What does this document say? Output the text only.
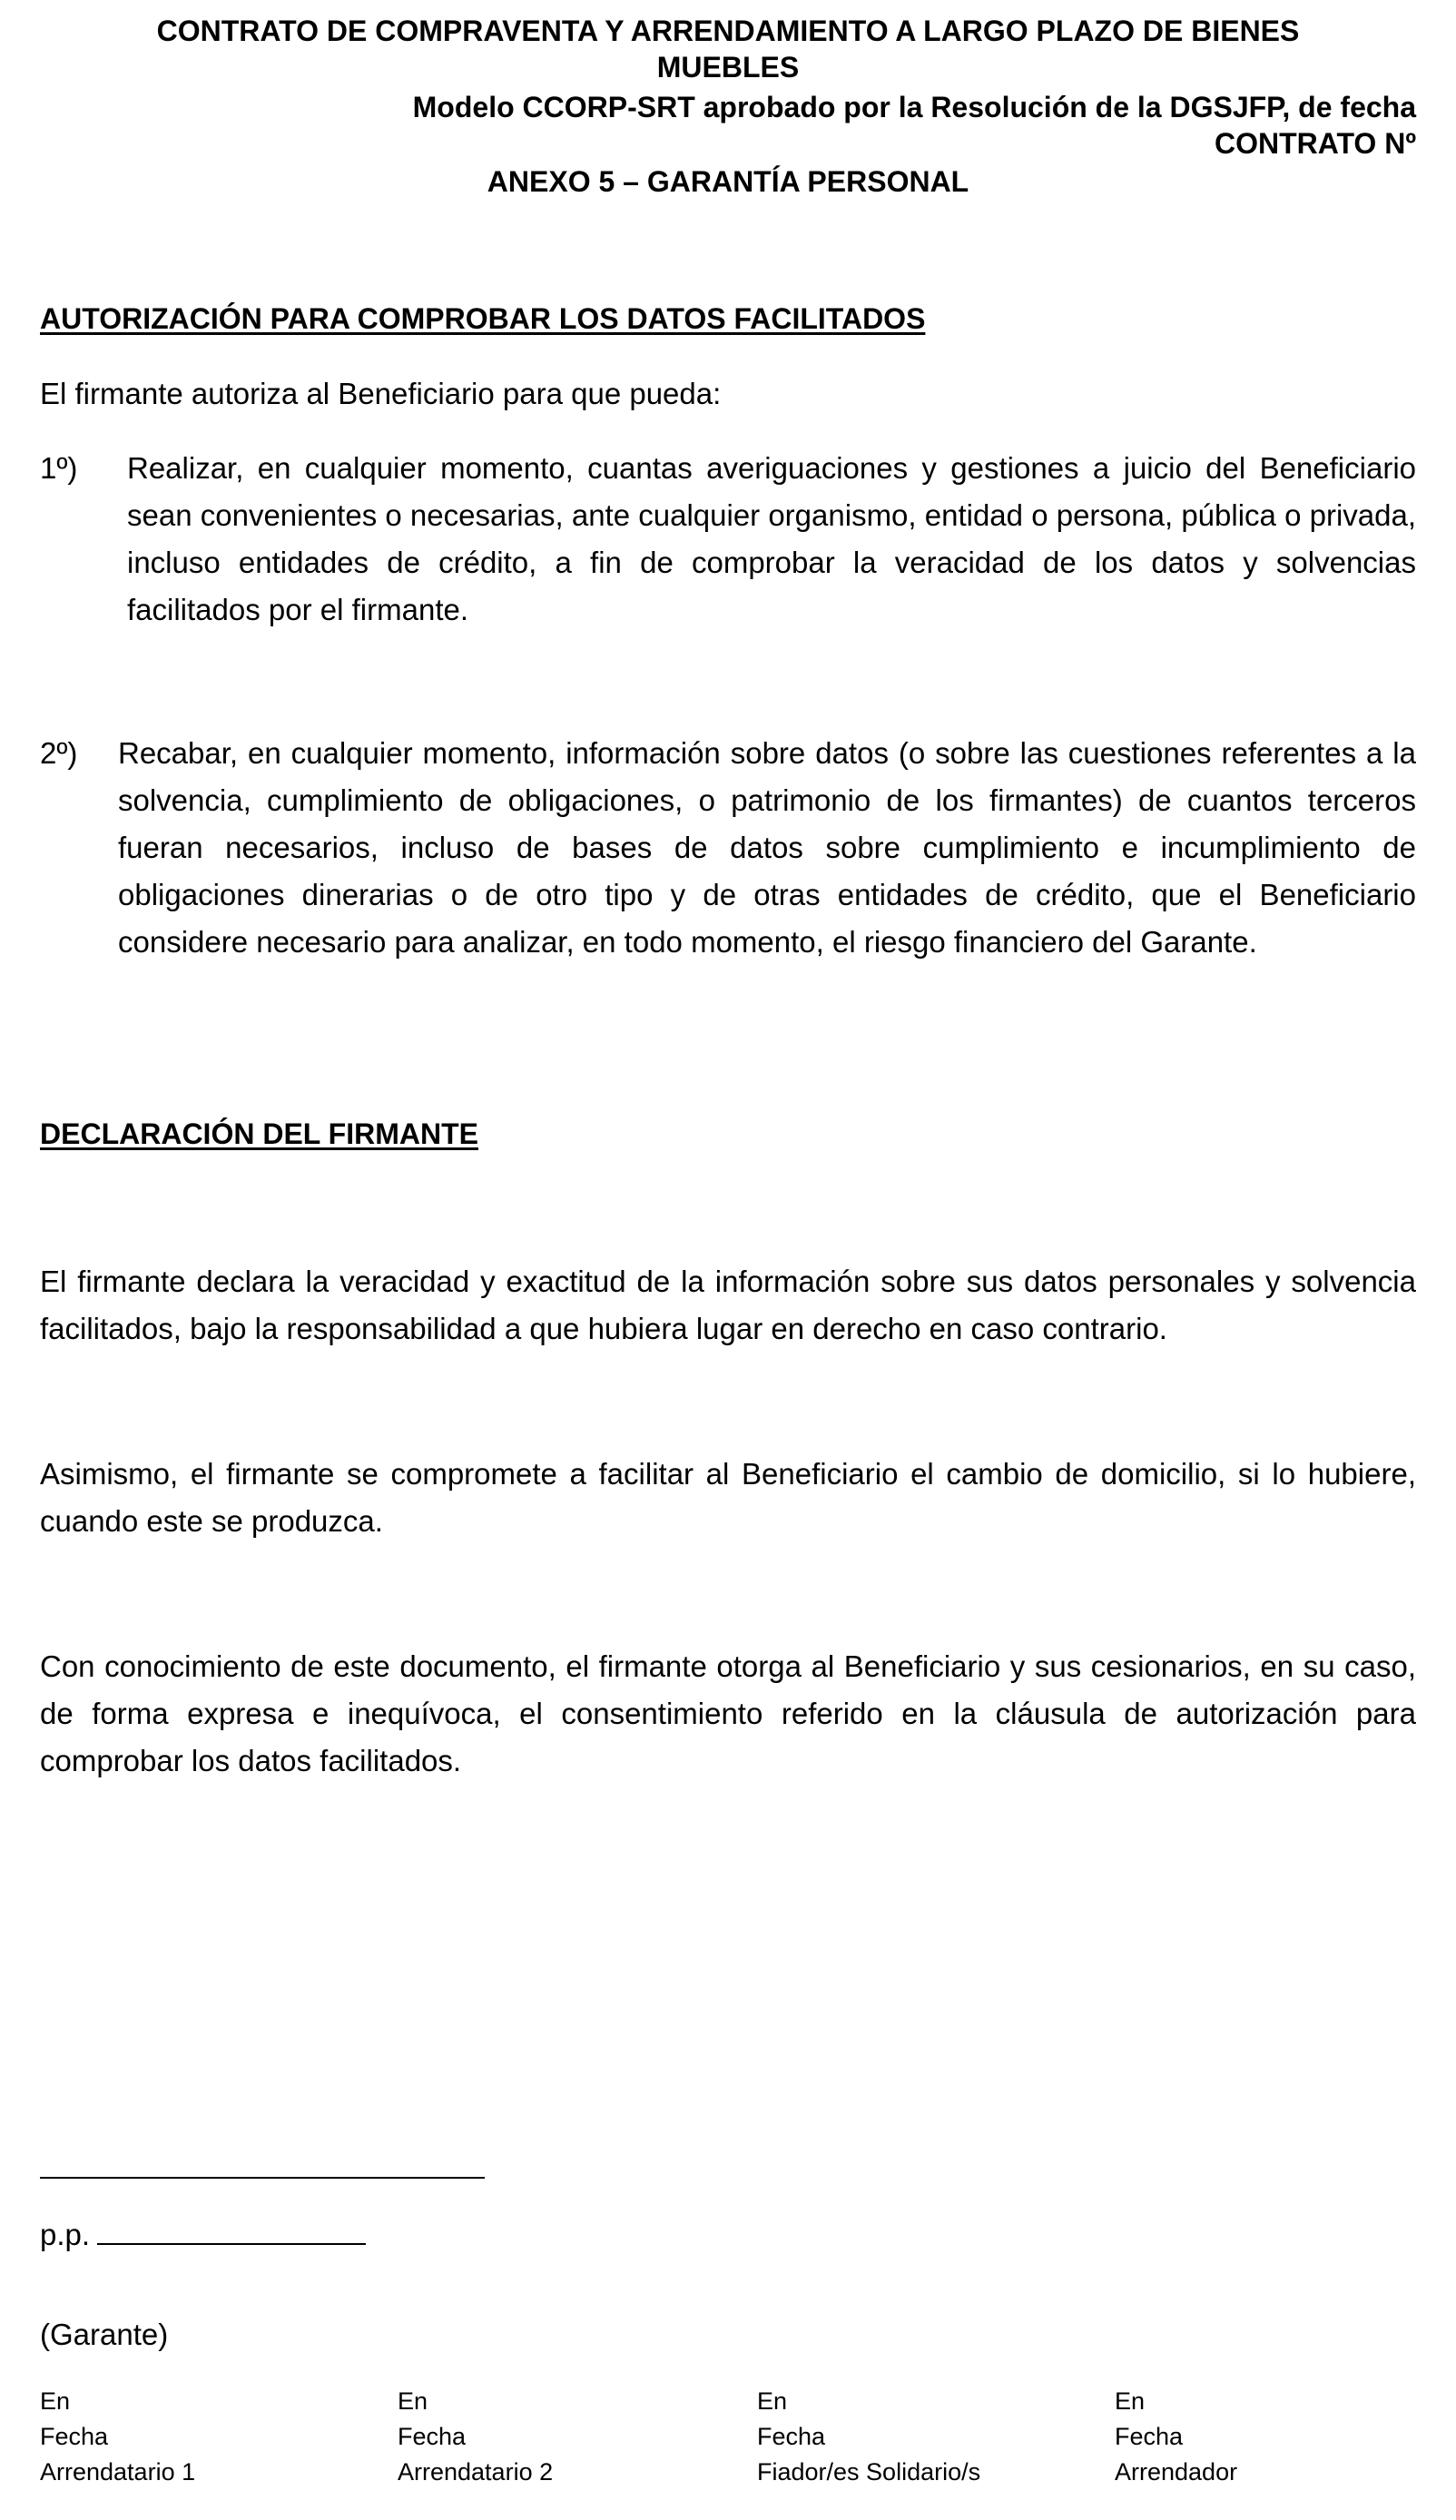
CONTRATO DE COMPRAVENTA Y ARRENDAMIENTO A LARGO PLAZO DE BIENES
MUEBLES
Modelo CCORP-SRT aprobado por la Resolución de la DGSJFP, de fecha
CONTRATO Nº
ANEXO 5 – GARANTÍA PERSONAL
AUTORIZACIÓN PARA COMPROBAR LOS DATOS FACILITADOS
El firmante autoriza al Beneficiario para que pueda:
1º) Realizar, en cualquier momento, cuantas averiguaciones y gestiones a juicio del Beneficiario sean convenientes o necesarias, ante cualquier organismo, entidad o persona, pública o privada, incluso entidades de crédito, a fin de comprobar la veracidad de los datos y solvencias facilitados por el firmante.
2º) Recabar, en cualquier momento, información sobre datos (o sobre las cuestiones referentes a la solvencia, cumplimiento de obligaciones, o patrimonio de los firmantes) de cuantos terceros fueran necesarios, incluso de bases de datos sobre cumplimiento e incumplimiento de obligaciones dinerarias o de otro tipo y de otras entidades de crédito, que el Beneficiario considere necesario para analizar, en todo momento, el riesgo financiero del Garante.
DECLARACIÓN DEL FIRMANTE
El firmante declara la veracidad y exactitud de la información sobre sus datos personales y solvencia facilitados, bajo la responsabilidad a que hubiera lugar en derecho en caso contrario.
Asimismo, el firmante se compromete a facilitar al Beneficiario el cambio de domicilio, si lo hubiere, cuando este se produzca.
Con conocimiento de este documento, el firmante otorga al Beneficiario y sus cesionarios, en su caso, de forma expresa e inequívoca, el consentimiento referido en la cláusula de autorización para comprobar los datos facilitados.
p.p.
(Garante)
En
Fecha
Arrendatario 1
En
Fecha
Arrendatario 2
En
Fecha
Fiador/es Solidario/s
En
Fecha
Arrendador
